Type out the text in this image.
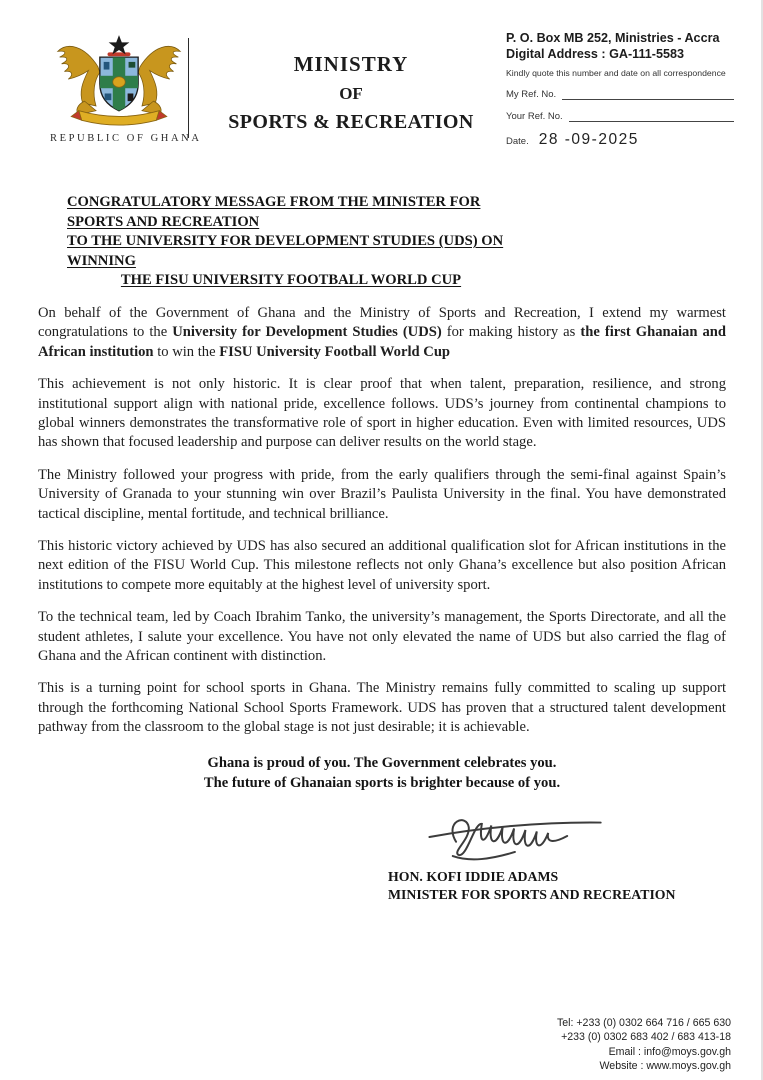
REPUBLIC OF GHANA
MINISTRY
OF
SPORTS & RECREATION
P. O. Box MB 252, Ministries - Accra
Digital Address : GA-111-5583
Kindly quote this number and date on all correspondence
My Ref. No.
Your Ref. No.
Date. 28 -09-2025
CONGRATULATORY MESSAGE FROM THE MINISTER FOR SPORTS AND RECREATION
TO THE UNIVERSITY FOR DEVELOPMENT STUDIES (UDS) ON WINNING
THE FISU UNIVERSITY FOOTBALL WORLD CUP

On behalf of the Government of Ghana and the Ministry of Sports and Recreation, I extend my warmest congratulations to the University for Development Studies (UDS) for making history as the first Ghanaian and African institution to win the FISU University Football World Cup

This achievement is not only historic. It is clear proof that when talent, preparation, resilience, and strong institutional support align with national pride, excellence follows. UDS’s journey from continental champions to global winners demonstrates the transformative role of sport in higher education. Even with limited resources, UDS has shown that focused leadership and purpose can deliver results on the world stage.

The Ministry followed your progress with pride, from the early qualifiers through the semi-final against Spain’s University of Granada to your stunning win over Brazil’s Paulista University in the final. You have demonstrated tactical discipline, mental fortitude, and technical brilliance.

This historic victory achieved by UDS has also secured an additional qualification slot for African institutions in the next edition of the FISU World Cup. This milestone reflects not only Ghana’s excellence but also position African institutions to compete more equitably at the highest level of university sport.

To the technical team, led by Coach Ibrahim Tanko, the university’s management, the Sports Directorate, and all the student athletes, I salute your excellence. You have not only elevated the name of UDS but also carried the flag of Ghana and the African continent with distinction.

This is a turning point for school sports in Ghana. The Ministry remains fully committed to scaling up support through the forthcoming National School Sports Framework. UDS has proven that a structured talent development pathway from the classroom to the global stage is not just desirable; it is achievable.

Ghana is proud of you. The Government celebrates you.
The future of Ghanaian sports is brighter because of you.
HON. KOFI IDDIE ADAMS
MINISTER FOR SPORTS AND RECREATION
Tel: +233 (0) 0302 664 716 / 665 630
+233 (0) 0302 683 402 / 683 413-18
Email : info@moys.gov.gh
Website : www.moys.gov.gh
